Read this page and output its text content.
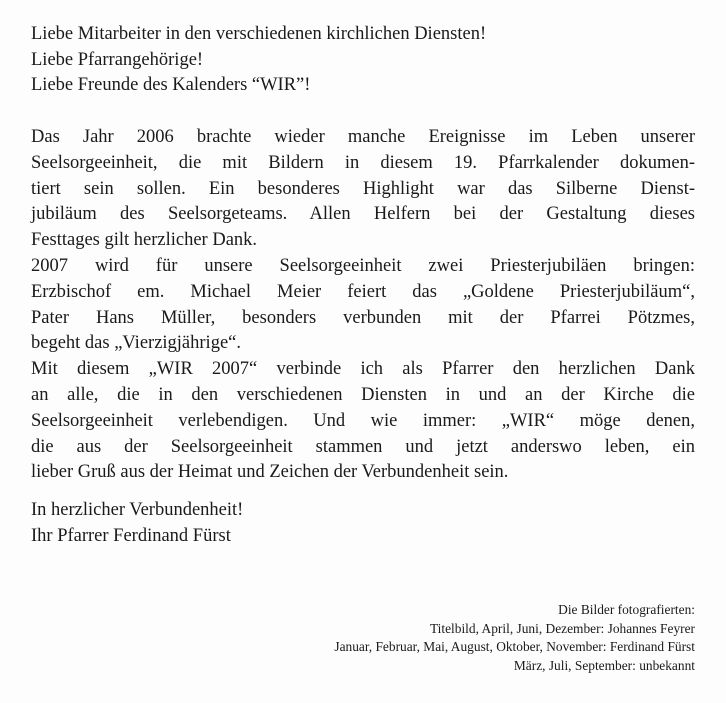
Liebe Mitarbeiter in den verschiedenen kirchlichen Diensten!
Liebe Pfarrangehörige!
Liebe Freunde des Kalenders “WIR”!
Das Jahr 2006 brachte wieder manche Ereignisse im Leben unserer
Seelsorgeeinheit, die mit Bildern in diesem 19. Pfarrkalender dokumen-
tiert sein sollen. Ein besonderes Highlight war das Silberne Dienst-
jubiläum des Seelsorgeteams. Allen Helfern bei der Gestaltung dieses
Festtages gilt herzlicher Dank.
2007 wird für unsere Seelsorgeeinheit zwei Priesterjubiläen bringen:
Erzbischof em. Michael Meier feiert das „Goldene Priesterjubiläum“,
Pater Hans Müller, besonders verbunden mit der Pfarrei Pötzmes,
begeht das „Vierzigjährige“.
Mit diesem „WIR 2007“ verbinde ich als Pfarrer den herzlichen Dank
an alle, die in den verschiedenen Diensten in und an der Kirche die
Seelsorgeeinheit verlebendigen. Und wie immer: „WIR“ möge denen,
die aus der Seelsorgeeinheit stammen und jetzt anderswo leben, ein
lieber Gruß aus der Heimat und Zeichen der Verbundenheit sein.
In herzlicher Verbundenheit!
Ihr Pfarrer Ferdinand Fürst
Die Bilder fotografierten:
Titelbild, April, Juni, Dezember: Johannes Feyrer
Januar, Februar, Mai, August, Oktober, November: Ferdinand Fürst
März, Juli, September: unbekannt
